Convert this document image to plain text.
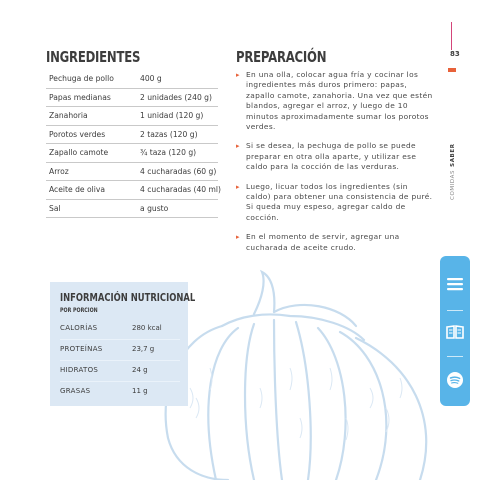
INGREDIENTES
Pechuga de pollo	400 g
Papas medianas	2 unidades (240 g)
Zanahoria	1 unidad (120 g)
Porotos verdes	2 tazas (120 g)
Zapallo camote	¾ taza (120 g)
Arroz	4 cucharadas (60 g)
Aceite de oliva	4 cucharadas (40 ml)
Sal	a gusto
PREPARACIÓN
▸ En una olla, colocar agua fría y cocinar los ingredientes más duros primero: papas, zapallo camote, zanahoria. Una vez que estén blandos, agregar el arroz, y luego de 10 minutos aproximadamente sumar los porotos verdes.
▸ Si se desea, la pechuga de pollo se puede preparar en otra olla aparte, y utilizar ese caldo para la cocción de las verduras.
▸ Luego, licuar todos los ingredientes (sin caldo) para obtener una consistencia de puré. Si queda muy espeso, agregar caldo de cocción.
▸ En el momento de servir, agregar una cucharada de aceite crudo.
83
COMIDASSABER
INFORMACIÓN NUTRICIONAL
POR PORCIÓN
CALORÍAS	280 kcal
PROTEÍNAS	23,7 g
HIDRATOS	24 g
GRASAS	11 g
